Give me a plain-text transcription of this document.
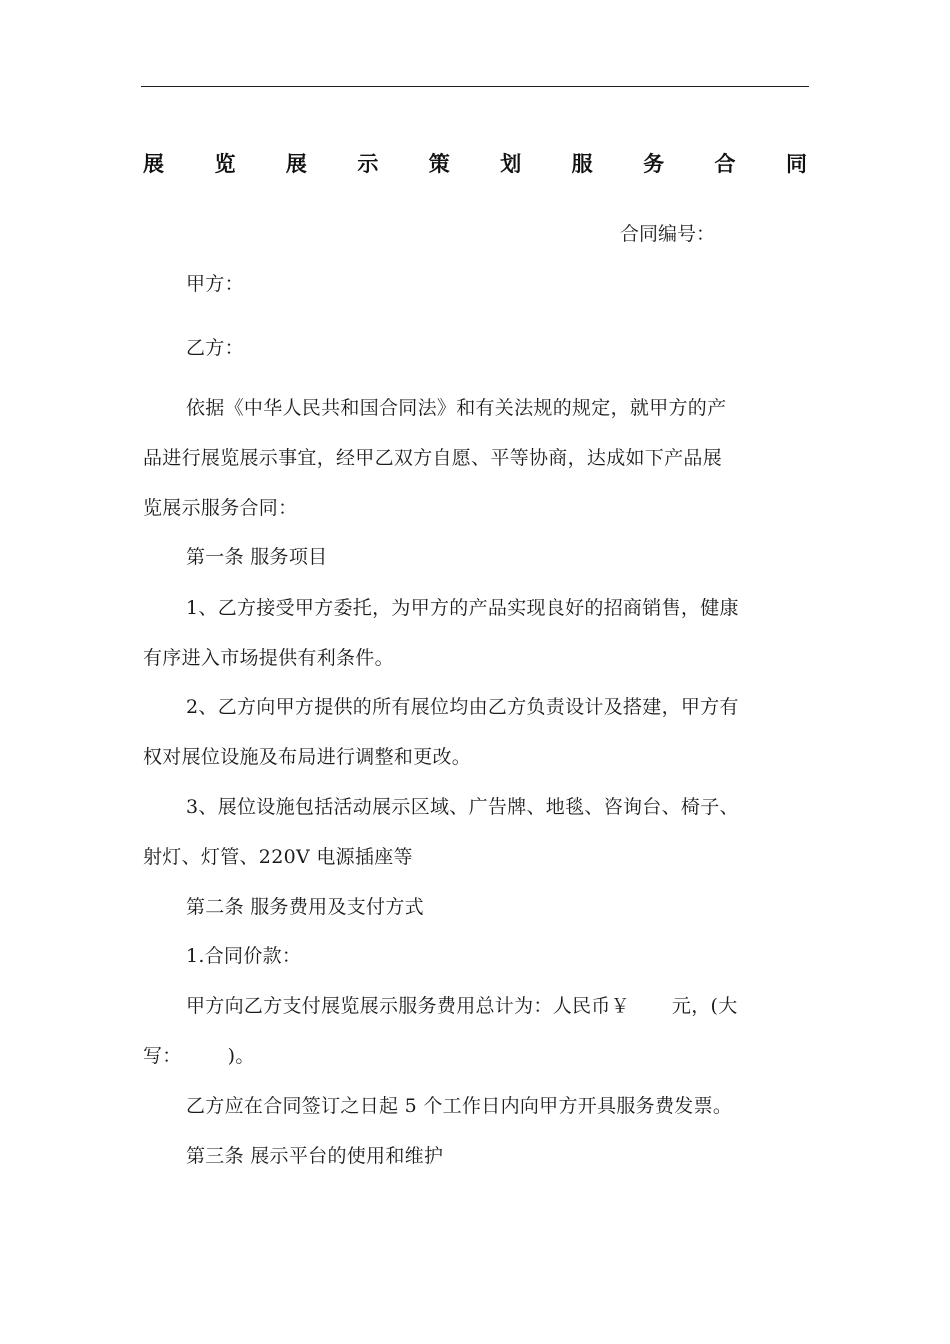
展 览 展 示 策 划 服 务 合 同
合同编号：
甲方：
乙方：
依据《中华人民共和国合同法》和有关法规的规定，就甲方的产
品进行展览展示事宜，经甲乙双方自愿、平等协商，达成如下产品展
览展示服务合同：
第一条 服务项目
1、乙方接受甲方委托，为甲方的产品实现良好的招商销售，健康
有序进入市场提供有利条件。
2、乙方向甲方提供的所有展位均由乙方负责设计及搭建，甲方有
权对展位设施及布局进行调整和更改。
3、展位设施包括活动展示区域、广告牌、地毯、咨询台、椅子、
射灯、灯管、220V 电源插座等
第二条 服务费用及支付方式
1.合同价款：
甲方向乙方支付展览展示服务费用总计为：人民币￥ 元，(大
写： )。
乙方应在合同签订之日起 5 个工作日内向甲方开具服务费发票。
第三条 展示平台的使用和维护
